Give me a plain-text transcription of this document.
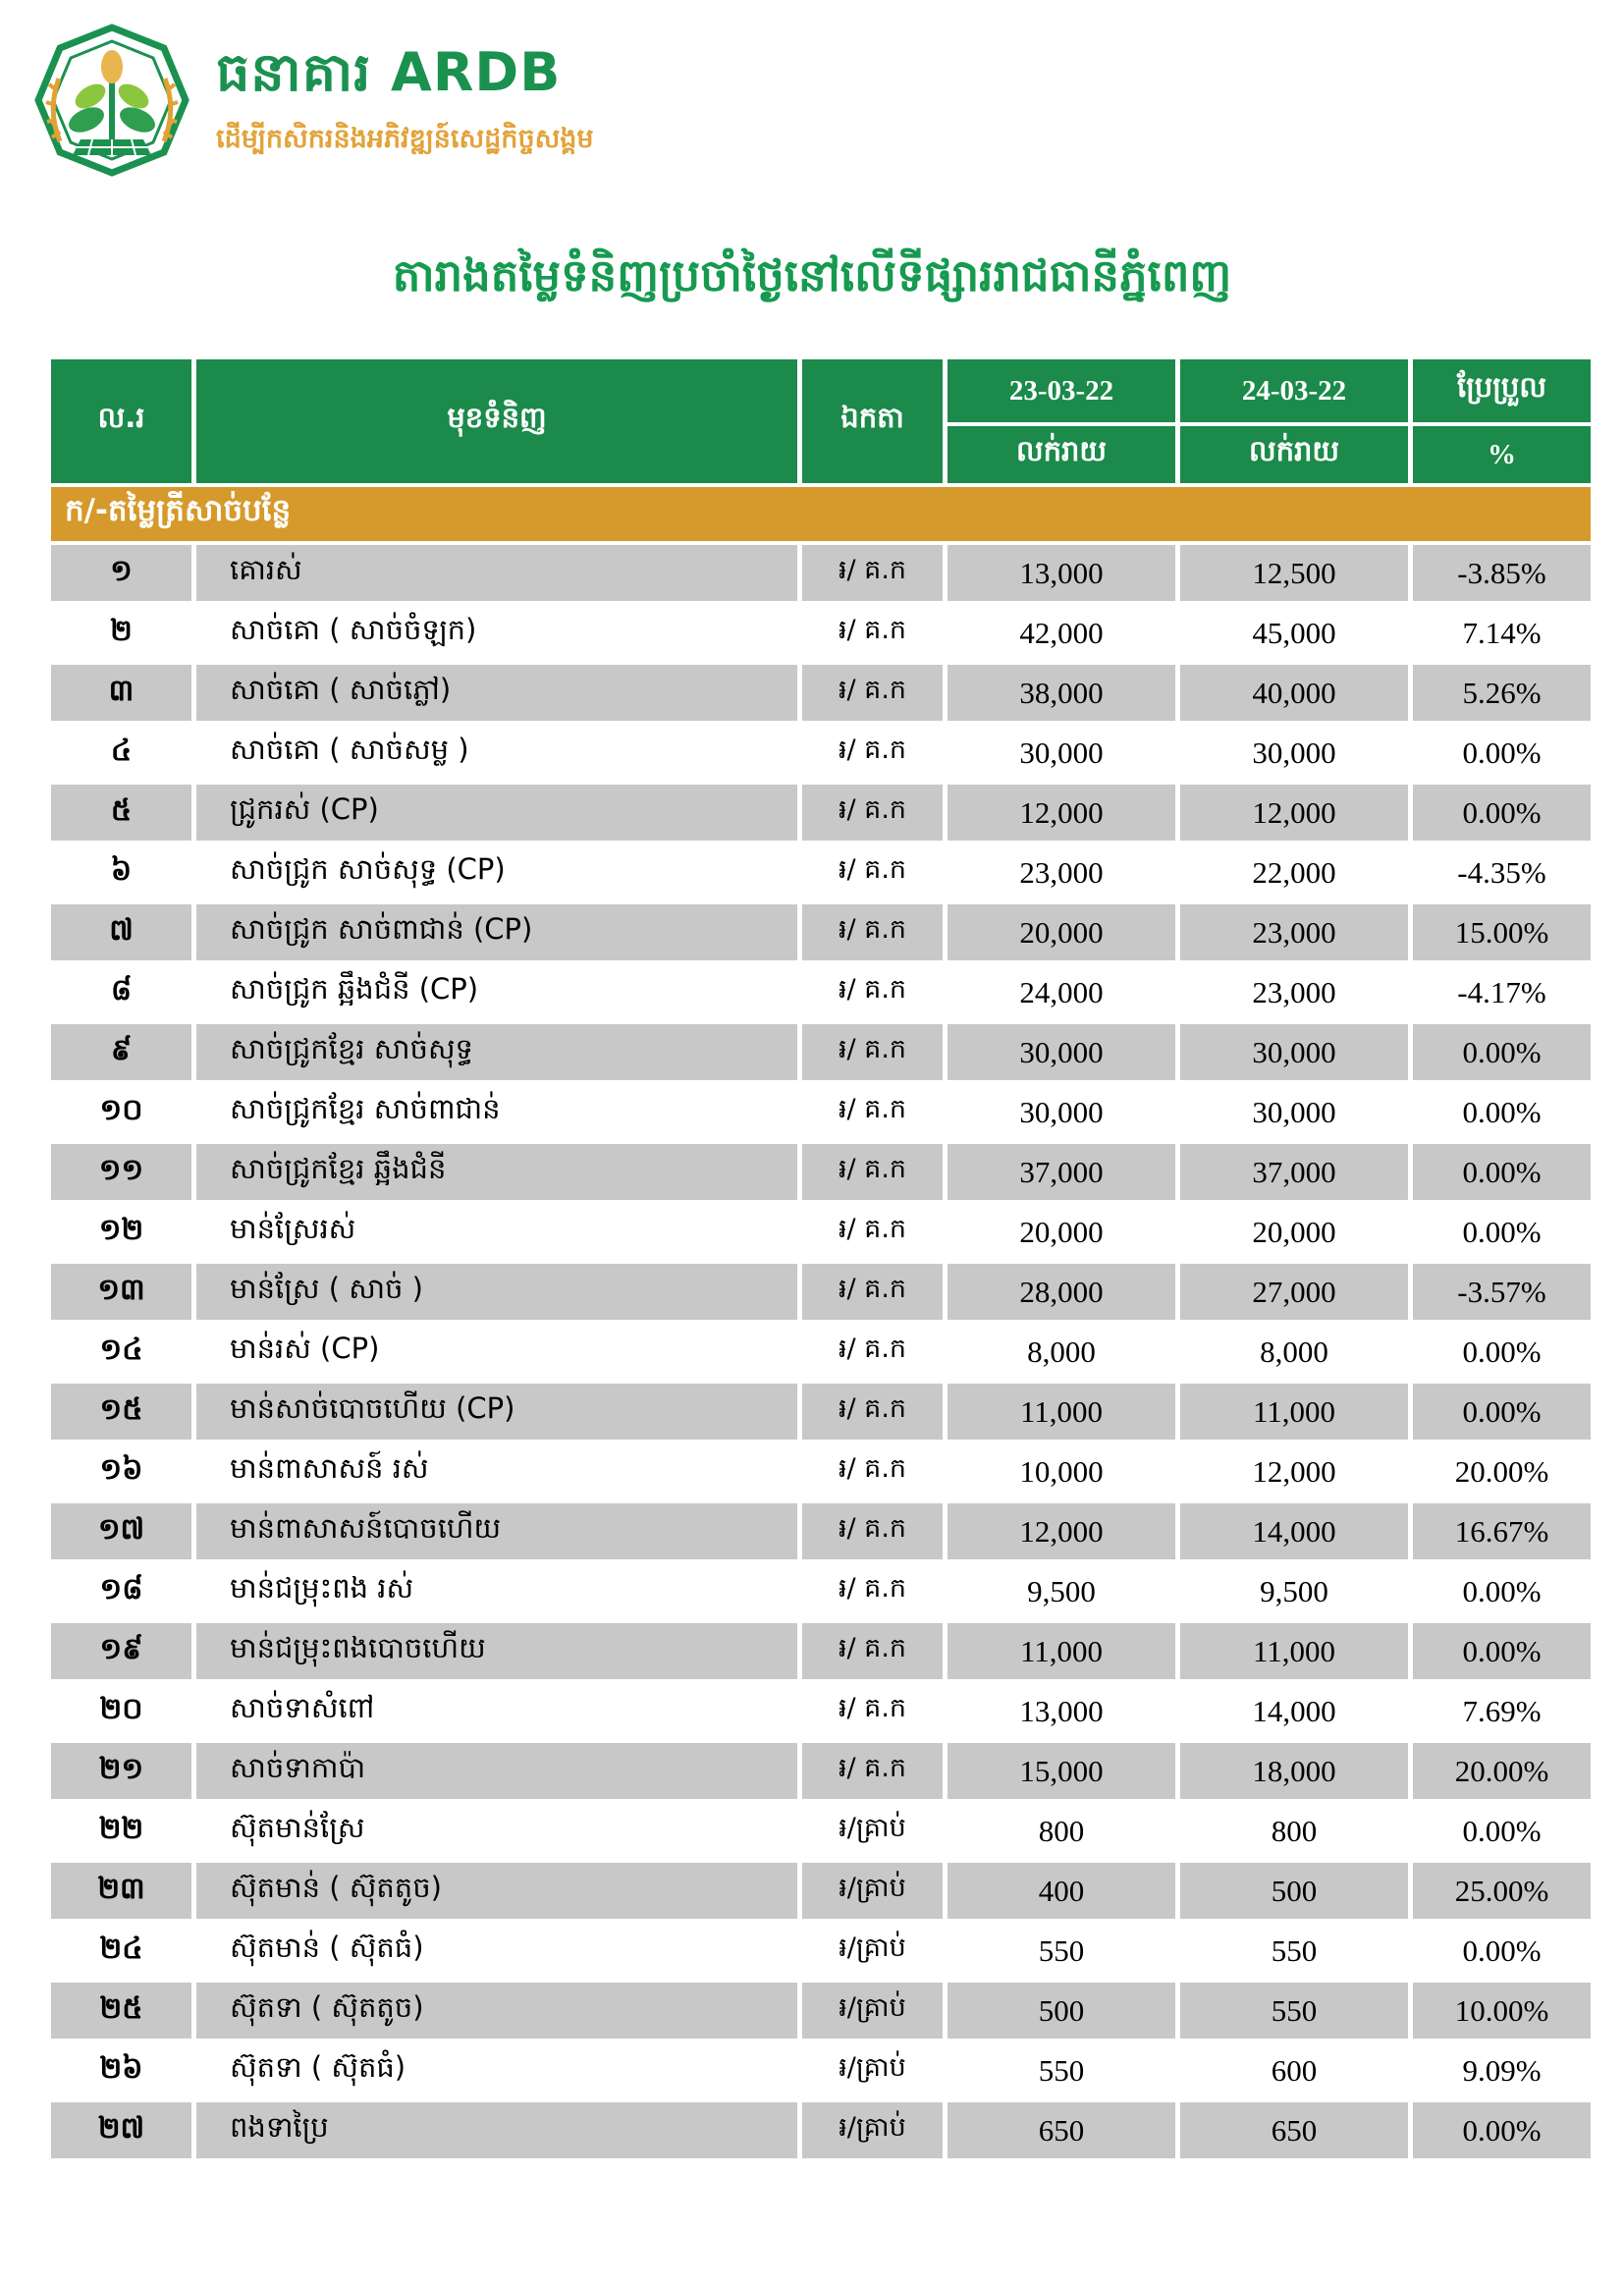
ធនាគារ ARDB
ដើម្បីកសិករនិងអភិវឌ្ឍន៍សេដ្ឋកិច្ចសង្គម
តារាងតម្លៃទំនិញប្រចាំថ្ងៃនៅលើទីផ្សាររាជធានីភ្នំពេញ
ល.រ	មុខទំនិញ	ឯកតា	23-03-22	24-03-22	ប្រែប្រួល
			លក់រាយ	លក់រាយ	%
ក/-តម្លៃត្រីសាច់បន្លែ					
១	គោរស់	៛/ គ.ក	13,000	12,500	-3.85%
២	សាច់គោ ( សាច់ចំឡក)	៛/ គ.ក	42,000	45,000	7.14%
៣	សាច់គោ ( សាច់ភ្លៅ)	៛/ គ.ក	38,000	40,000	5.26%
៤	សាច់គោ ( សាច់សម្ល )	៛/ គ.ក	30,000	30,000	0.00%
៥	ជ្រូករស់ (CP)	៛/ គ.ក	12,000	12,000	0.00%
៦	សាច់ជ្រូក សាច់សុទ្ធ (CP)	៛/ គ.ក	23,000	22,000	-4.35%
៧	សាច់ជ្រូក សាច់ពាជាន់ (CP)	៛/ គ.ក	20,000	23,000	15.00%
៨	សាច់ជ្រូក ឆ្អឹងជំនី (CP)	៛/ គ.ក	24,000	23,000	-4.17%
៩	សាច់ជ្រូកខ្មែរ សាច់សុទ្ធ	៛/ គ.ក	30,000	30,000	0.00%
១០	សាច់ជ្រូកខ្មែរ សាច់ពាជាន់	៛/ គ.ក	30,000	30,000	0.00%
១១	សាច់ជ្រូកខ្មែរ ឆ្អឹងជំនី	៛/ គ.ក	37,000	37,000	0.00%
១២	មាន់ស្រែរស់	៛/ គ.ក	20,000	20,000	0.00%
១៣	មាន់ស្រែ ( សាច់ )	៛/ គ.ក	28,000	27,000	-3.57%
១៤	មាន់រស់ (CP)	៛/ គ.ក	8,000	8,000	0.00%
១៥	មាន់សាច់បោចហើយ (CP)	៛/ គ.ក	11,000	11,000	0.00%
១៦	មាន់ពាសាសន៍ រស់	៛/ គ.ក	10,000	12,000	20.00%
១៧	មាន់ពាសាសន៍បោចហើយ	៛/ គ.ក	12,000	14,000	16.67%
១៨	មាន់ជម្រុះពង រស់	៛/ គ.ក	9,500	9,500	0.00%
១៩	មាន់ជម្រុះពងបោចហើយ	៛/ គ.ក	11,000	11,000	0.00%
២០	សាច់ទាសំពៅ	៛/ គ.ក	13,000	14,000	7.69%
២១	សាច់ទាកាប៉ា	៛/ គ.ក	15,000	18,000	20.00%
២២	ស៊ុតមាន់ស្រែ	៛/គ្រាប់	800	800	0.00%
២៣	ស៊ុតមាន់ ( ស៊ុតតូច)	៛/គ្រាប់	400	500	25.00%
២៤	ស៊ុតមាន់ ( ស៊ុតធំ)	៛/គ្រាប់	550	550	0.00%
២៥	ស៊ុតទា ( ស៊ុតតូច)	៛/គ្រាប់	500	550	10.00%
២៦	ស៊ុតទា ( ស៊ុតធំ)	៛/គ្រាប់	550	600	9.09%
២៧	ពងទាប្រៃ	៛/គ្រាប់	650	650	0.00%
